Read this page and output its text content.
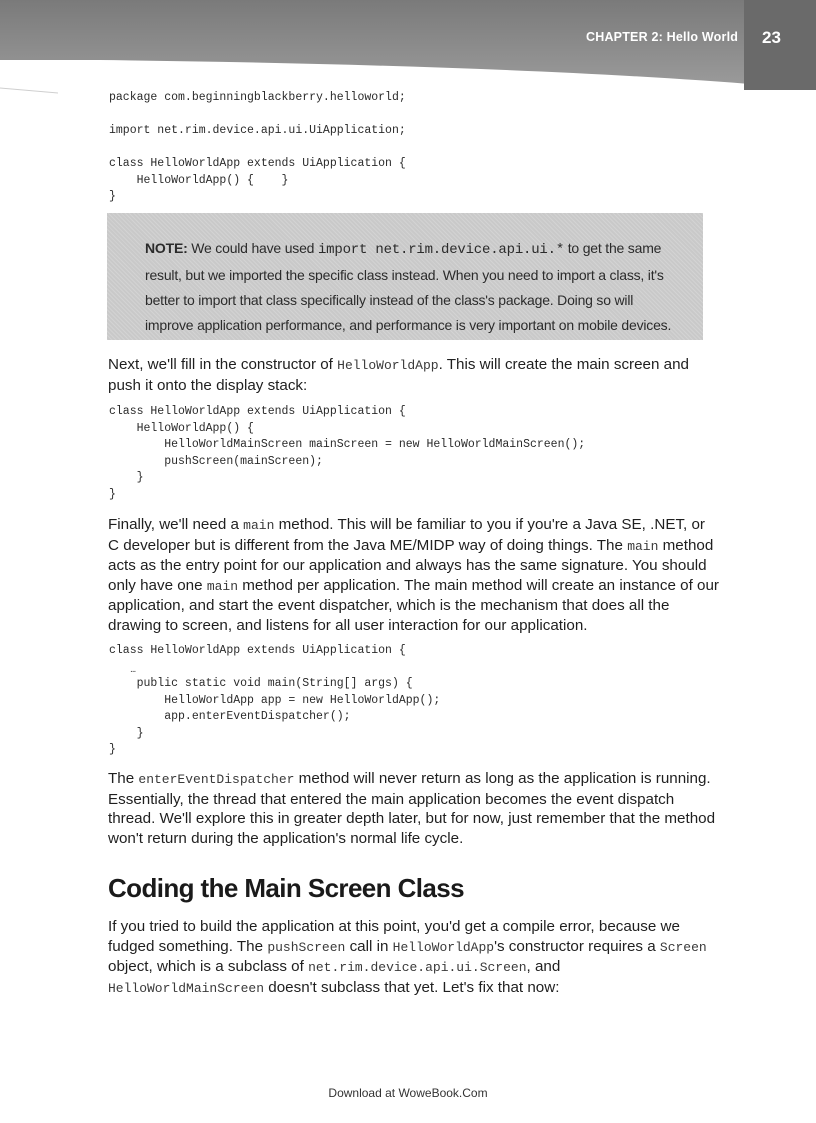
CHAPTER 2: Hello World 23
package com.beginningblackberry.helloworld;

import net.rim.device.api.ui.UiApplication;

class HelloWorldApp extends UiApplication {
HelloWorldApp() {    }
}

NOTE: We could have used import net.rim.device.api.ui.* to get the same result, but we imported the specific class instead. When you need to import a class, it's better to import that class specifically instead of the class's package. Doing so will improve application performance, and performance is very important on mobile devices.

Next, we'll fill in the constructor of HelloWorldApp. This will create the main screen and push it onto the display stack:

class HelloWorldApp extends UiApplication {
HelloWorldApp() {
HelloWorldMainScreen mainScreen = new HelloWorldMainScreen();
pushScreen(mainScreen);
}
}

Finally, we'll need a main method. This will be familiar to you if you're a Java SE, .NET, or C developer but is different from the Java ME/MIDP way of doing things. The main method acts as the entry point for our application and always has the same signature. You should only have one main method per application. The main method will create an instance of our application, and start the event dispatcher, which is the mechanism that does all the drawing to screen, and listens for all user interaction for our application.

class HelloWorldApp extends UiApplication {
...
public static void main(String[] args) {
HelloWorldApp app = new HelloWorldApp();
app.enterEventDispatcher();
}
}

The enterEventDispatcher method will never return as long as the application is running. Essentially, the thread that entered the main application becomes the event dispatch thread. We'll explore this in greater depth later, but for now, just remember that the method won't return during the application's normal life cycle.

Coding the Main Screen Class

If you tried to build the application at this point, you'd get a compile error, because we fudged something. The pushScreen call in HelloWorldApp's constructor requires a Screen object, which is a subclass of net.rim.device.api.ui.Screen, and HelloWorldMainScreen doesn't subclass that yet. Let's fix that now:

Download at WoweBook.Com
